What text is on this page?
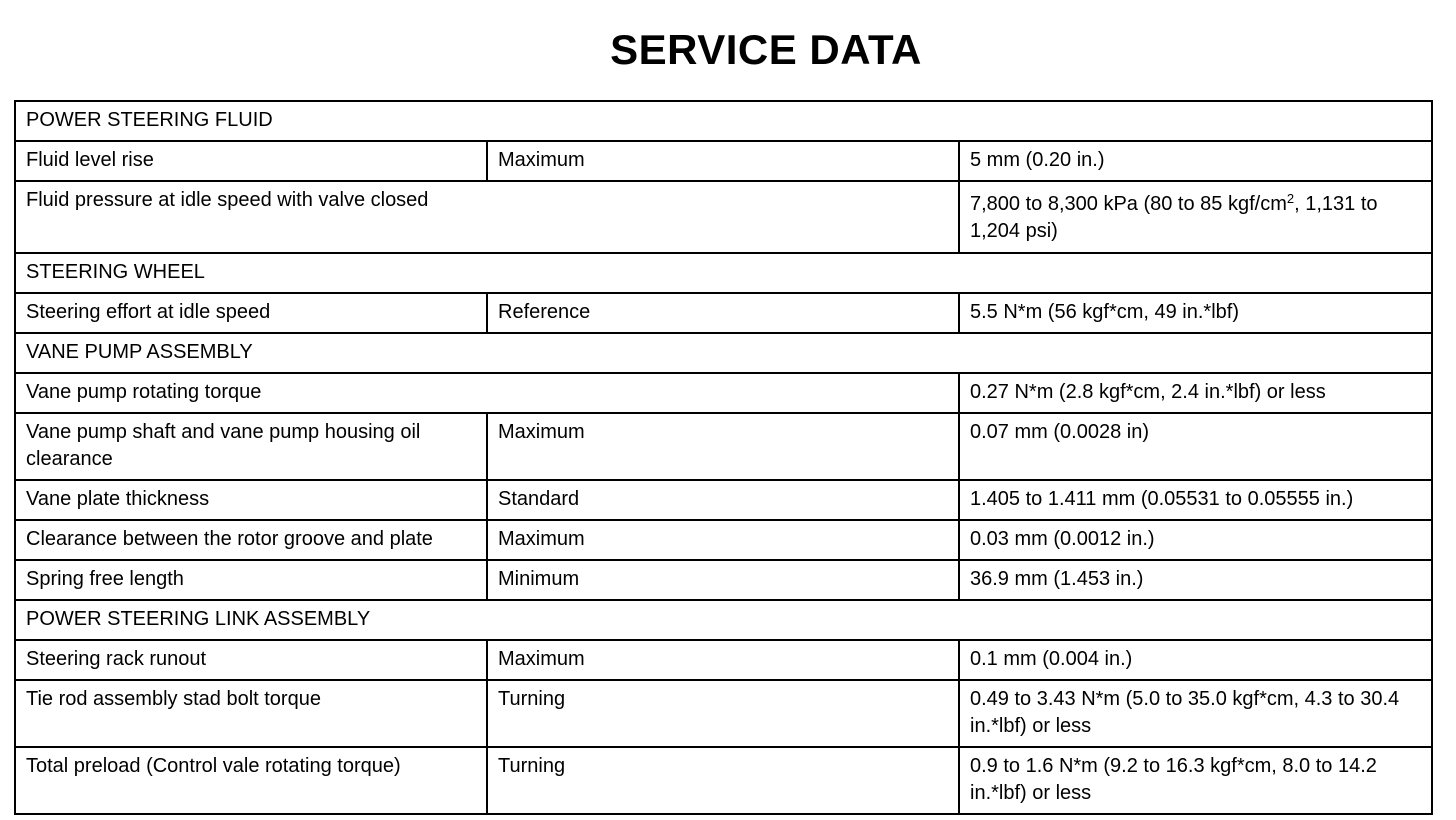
SERVICE DATA
POWER STEERING FLUID		
Fluid level rise	Maximum	5 mm (0.20 in.)
Fluid pressure at idle speed with valve closed		7,800 to 8,300 kPa (80 to 85 kgf/$cm^2$, 1,131 to 1,204 psi)
STEERING WHEEL		
Steering effort at idle speed	Reference	5.5 N*m (56 kgf*cm, 49 in.*lbf)
VANE PUMP ASSEMBLY		
Vane pump rotating torque		0.27 N*m (2.8 kgf*cm, 2.4 in.*lbf) or less
Vane pump shaft and vane pump housing oil clearance	Maximum	0.07 mm (0.0028 in)
Vane plate thickness	Standard	1.405 to 1.411 mm (0.05531 to 0.05555 in.)
Clearance between the rotor groove and plate	Maximum	0.03 mm (0.0012 in.)
Spring free length	Minimum	36.9 mm (1.453 in.)
POWER STEERING LINK ASSEMBLY		
Steering rack runout	Maximum	0.1 mm (0.004 in.)
Tie rod assembly stad bolt torque	Turning	0.49 to 3.43 N*m (5.0 to 35.0 kgf*cm, 4.3 to 30.4 in.*lbf) or less
Total preload (Control vale rotating torque)	Turning	0.9 to 1.6 N*m (9.2 to 16.3 kgf*cm, 8.0 to 14.2 in.*lbf) or less
